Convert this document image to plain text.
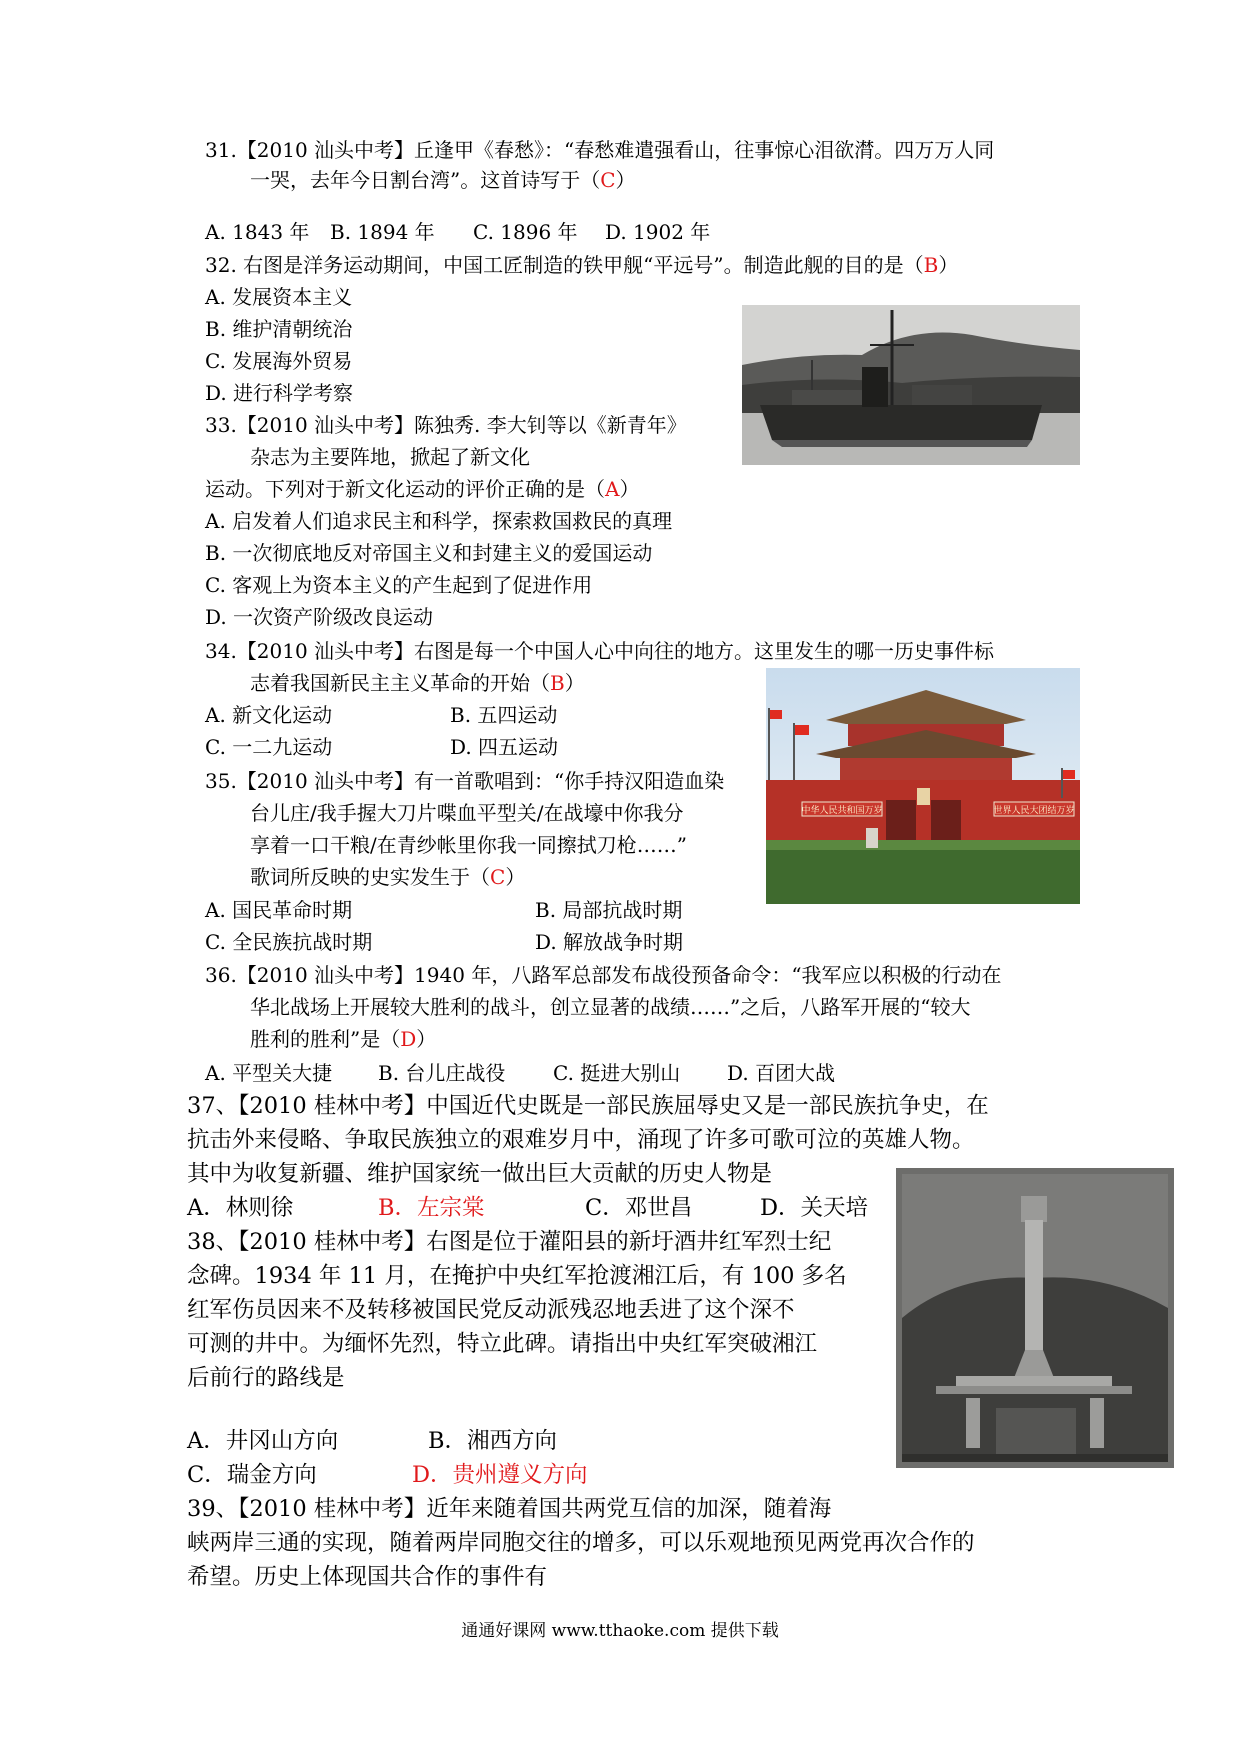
31.【2010 汕头中考】丘逢甲《春愁》：“春愁难遣强看山，往事惊心泪欲潸。四万万人同
一哭，去年今日割台湾”。这首诗写于（C）
A. 1843 年 B. 1894 年 C. 1896 年 D. 1902 年
32. 右图是洋务运动期间，中国工匠制造的铁甲舰“平远号”。制造此舰的目的是（B）
A. 发展资本主义
B. 维护清朝统治
C. 发展海外贸易
D. 进行科学考察
33.【2010 汕头中考】陈独秀. 李大钊等以《新青年》
杂志为主要阵地，掀起了新文化
运动。下列对于新文化运动的评价正确的是（A）
A. 启发着人们追求民主和科学，探索救国救民的真理
B. 一次彻底地反对帝国主义和封建主义的爱国运动
C. 客观上为资本主义的产生起到了促进作用
D. 一次资产阶级改良运动
34.【2010 汕头中考】右图是每一个中国人心中向往的地方。这里发生的哪一历史事件标
志着我国新民主主义革命的开始（B）
A. 新文化运动	B. 五四运动
C. 一二九运动	D. 四五运动
中华人民共和国万岁	世界人民大团结万岁
35.【2010 汕头中考】有一首歌唱到：“你手持汉阳造血染
台儿庄/我手握大刀片喋血平型关/在战壕中你我分
享着一口干粮/在青纱帐里你我一同擦拭刀枪……”
歌词所反映的史实发生于（C）
A. 国民革命时期	B. 局部抗战时期
C. 全民族抗战时期	D. 解放战争时期
36.【2010 汕头中考】1940 年，八路军总部发布战役预备命令：“我军应以积极的行动在
华北战场上开展较大胜利的战斗，创立显著的战绩……”之后，八路军开展的“较大
胜利的胜利”是（D）
A. 平型关大捷 B. 台儿庄战役 C. 挺进大别山 D. 百团大战
37、【2010 桂林中考】中国近代史既是一部民族屈辱史又是一部民族抗争史，在
抗击外来侵略、争取民族独立的艰难岁月中，涌现了许多可歌可泣的英雄人物。
其中为收复新疆、维护国家统一做出巨大贡献的历史人物是
A．林则徐	B．左宗棠	C．邓世昌	D．关天培
38、【2010 桂林中考】右图是位于灌阳县的新圩酒井红军烈士纪
念碑。1934 年 11 月，在掩护中央红军抢渡湘江后，有 100 多名
红军伤员因来不及转移被国民党反动派残忍地丢进了这个深不
可测的井中。为缅怀先烈，特立此碑。请指出中央红军突破湘江
后前行的路线是
A．井冈山方向	B．湘西方向
C．瑞金方向	D．贵州遵义方向
39、【2010 桂林中考】近年来随着国共两党互信的加深，随着海
峡两岸三通的实现，随着两岸同胞交往的增多，可以乐观地预见两党再次合作的
希望。历史上体现国共合作的事件有
通通好课网 www.tthaoke.com 提供下载
